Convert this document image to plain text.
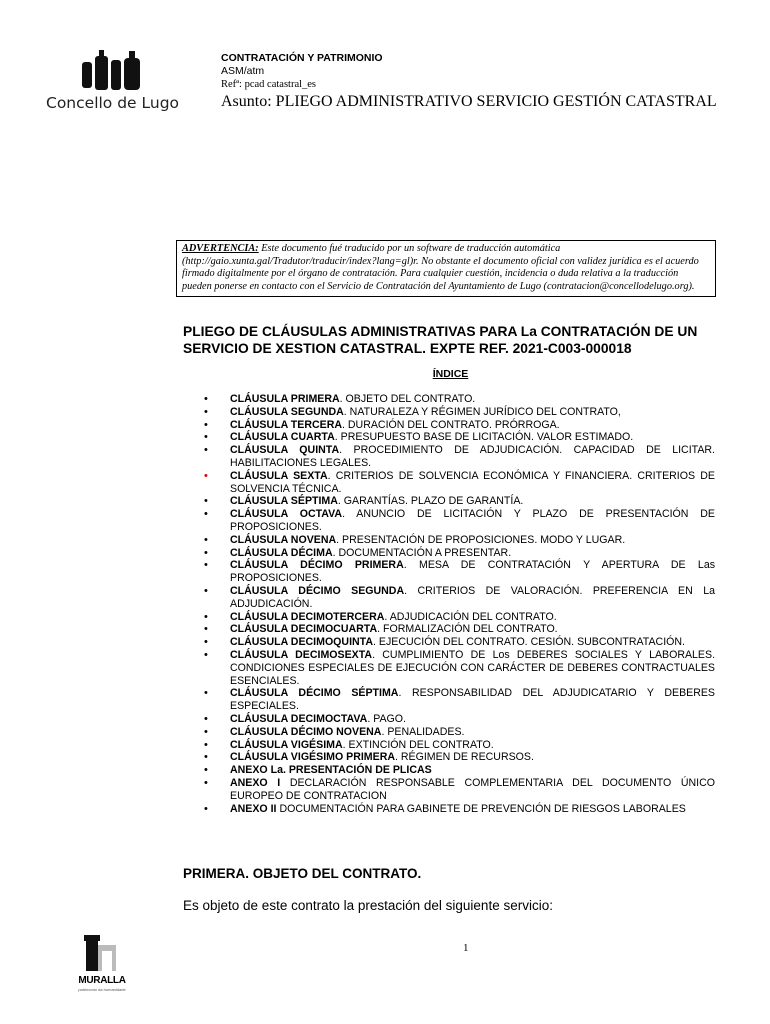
Concello de Lugo
CONTRATACIÓN Y PATRIMONIO
ASM/atm
Refª: pcad catastral_es
Asunto: PLIEGO ADMINISTRATIVO SERVICIO GESTIÓN CATASTRAL
ADVERTENCIA: Este documento fué traducido por un software de traducción automática (http://gaio.xunta.gal/Tradutor/traducir/index?lang=gl)r. No obstante el documento oficial con validez jurídica es el acuerdo firmado digitalmente por el órgano de contratación. Para cualquier cuestión, incidencia o duda relativa a la traducción pueden ponerse en contacto con el Servicio de Contratación del Ayuntamiento de Lugo (contratacion@concellodelugo.org).
PLIEGO DE CLÁUSULAS ADMINISTRATIVAS PARA La CONTRATACIÓN DE UN SERVICIO DE XESTION CATASTRAL. EXPTE REF. 2021-C003-000018
ÍNDICE
• CLÁUSULA PRIMERA. OBJETO DEL CONTRATO.
• CLÁUSULA SEGUNDA. NATURALEZA Y RÉGIMEN JURÍDICO DEL CONTRATO,
• CLÁUSULA TERCERA. DURACIÓN DEL CONTRATO. PRÓRROGA.
• CLÁUSULA CUARTA. PRESUPUESTO BASE DE LICITACIÓN. VALOR ESTIMADO.
• CLÁUSULA QUINTA. PROCEDIMIENTO DE ADJUDICACIÓN. CAPACIDAD DE LICITAR. HABILITACIONES LEGALES.
• CLÁUSULA SEXTA. CRITERIOS DE SOLVENCIA ECONÓMICA Y FINANCIERA. CRITERIOS DE SOLVENCIA TÉCNICA.
• CLÁUSULA SÉPTIMA. GARANTÍAS. PLAZO DE GARANTÍA.
• CLÁUSULA OCTAVA. ANUNCIO DE LICITACIÓN Y PLAZO DE PRESENTACIÓN DE PROPOSICIONES.
• CLÁUSULA NOVENA. PRESENTACIÓN DE PROPOSICIONES. MODO Y LUGAR.
• CLÁUSULA DÉCIMA. DOCUMENTACIÓN A PRESENTAR.
• CLÁUSULA DÉCIMO PRIMERA. MESA DE CONTRATACIÓN Y APERTURA DE Las PROPOSICIONES.
• CLÁUSULA DÉCIMO SEGUNDA. CRITERIOS DE VALORACIÓN. PREFERENCIA EN La ADJUDICACIÓN.
• CLÁUSULA DECIMOTERCERA. ADJUDICACIÓN DEL CONTRATO.
• CLÁUSULA DECIMOCUARTA. FORMALIZACIÓN DEL CONTRATO.
• CLÁUSULA DECIMOQUINTA. EJECUCIÓN DEL CONTRATO. CESIÓN. SUBCONTRATACIÓN.
• CLÁUSULA DECIMOSEXTA. CUMPLIMIENTO DE Los DEBERES SOCIALES Y LABORALES. CONDICIONES ESPECIALES DE EJECUCIÓN CON CARÁCTER DE DEBERES CONTRACTUALES ESENCIALES.
• CLÁUSULA DÉCIMO SÉPTIMA. RESPONSABILIDAD DEL ADJUDICATARIO Y DEBERES ESPECIALES.
• CLÁUSULA DECIMOCTAVA. PAGO.
• CLÁUSULA DÉCIMO NOVENA. PENALIDADES.
• CLÁUSULA VIGÉSIMA. EXTINCIÓN DEL CONTRATO.
• CLÁUSULA VIGÉSIMO PRIMERA. RÉGIMEN DE RECURSOS.
• ANEXO La. PRESENTACIÓN DE PLICAS
• ANEXO I DECLARACIÓN RESPONSABLE COMPLEMENTARIA DEL DOCUMENTO ÚNICO EUROPEO DE CONTRATACION
• ANEXO II DOCUMENTACIÓN PARA GABINETE DE PREVENCIÓN DE RIESGOS LABORALES
PRIMERA. OBJETO DEL CONTRATO.
Es objeto de este contrato la prestación del siguiente servicio:
1
MURALLA
patrimonio da humanidade
